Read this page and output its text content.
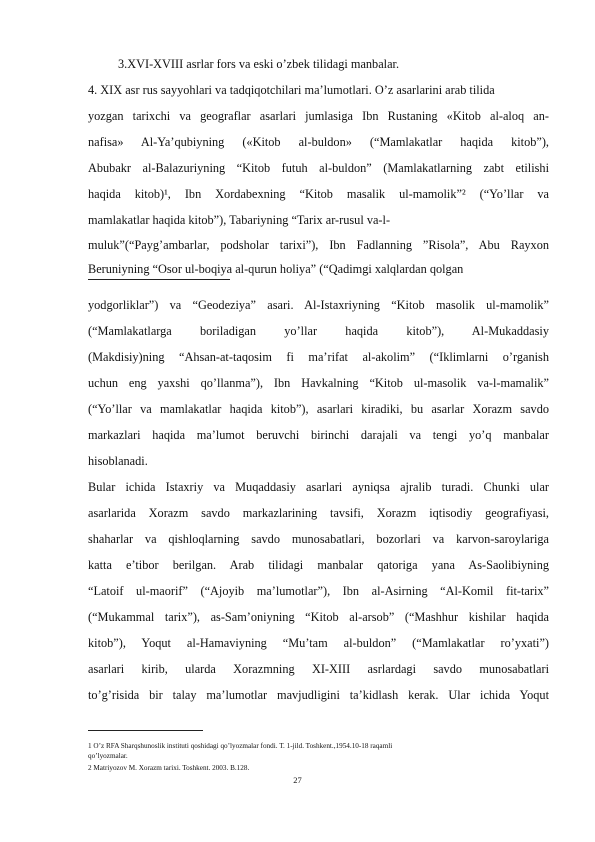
3.XVI-XVIII asrlar fors va eski o’zbek tilidagi manbalar.
4. XIX asr rus sayyohlari va tadqiqotchilari ma’lumotlari. O’z asarlarini arab tilida
yozgan tarixchi va geograflar asarlari jumlasiga Ibn Rustaning «Kitob al-aloq an-
nafisa» Al-Ya’qubiyning («Kitob al-buldon» (“Mamlakatlar haqida kitob”),
Abubakr al-Balazuriyning “Kitob futuh al-buldon” (Mamlakatlarning zabt etilishi
haqida kitob)¹, Ibn Xordabexning “Kitob masalik ul-mamolik”² (“Yo’llar va
mamlakatlar haqida kitob”), Tabariyning “Tarix ar-rusul va-l-
muluk”(“Payg’ambarlar, podsholar tarixi”), Ibn Fadlanning ”Risola”, Abu Rayxon
Beruniyning “Osor ul-boqiya al-qurun holiya” (“Qadimgi xalqlardan qolgan
yodgorliklar”) va “Geodeziya” asari. Al-Istaxriyning “Kitob masolik ul-mamolik”
(“Mamlakatlarga boriladigan yo’llar haqida kitob”), Al-Mukaddasiy
(Makdisiy)ning “Ahsan-at-taqosim fi ma’rifat al-akolim” (“Iklimlarni o’rganish
uchun eng yaxshi qo’llanma”), Ibn Havkalning “Kitob ul-masolik va-l-mamalik”
(“Yo’llar va mamlakatlar haqida kitob”), asarlari kiradiki, bu asarlar Xorazm savdo
markazlari haqida ma’lumot beruvchi birinchi darajali va tengi yo’q manbalar
hisoblanadi.
Bular ichida Istaxriy va Muqaddasiy asarlari ayniqsa ajralib turadi. Chunki ular
asarlarida Xorazm savdo markazlarining tavsifi, Xorazm iqtisodiy geografiyasi,
shaharlar va qishloqlarning savdo munosabatlari, bozorlari va karvon-saroylariga
katta e’tibor berilgan. Arab tilidagi manbalar qatoriga yana As-Saolibiyning
“Latoif ul-maorif” (“Ajoyib ma’lumotlar”), Ibn al-Asirning “Al-Komil fit-tarix”
(“Mukammal tarix”), as-Sam’oniyning “Kitob al-arsob” (“Mashhur kishilar haqida
kitob”), Yoqut al-Hamaviyning “Mu’tam al-buldon” (“Mamlakatlar ro’yxati”)
asarlari kirib, ularda Xorazmning XI-XIII asrlardagi savdo munosabatlari
to’g’risida bir talay ma’lumotlar mavjudligini ta’kidlash kerak. Ular ichida Yoqut
1 O’z RFA Sharqshunoslik instituti qoshidagi qo’lyozmalar fondi. T. 1-jild. Toshkent.,1954.10-18 raqamli
qo’lyozmalar.
2 Matriyozov M. Xorazm tarixi. Toshkent. 2003. B.128.
27
